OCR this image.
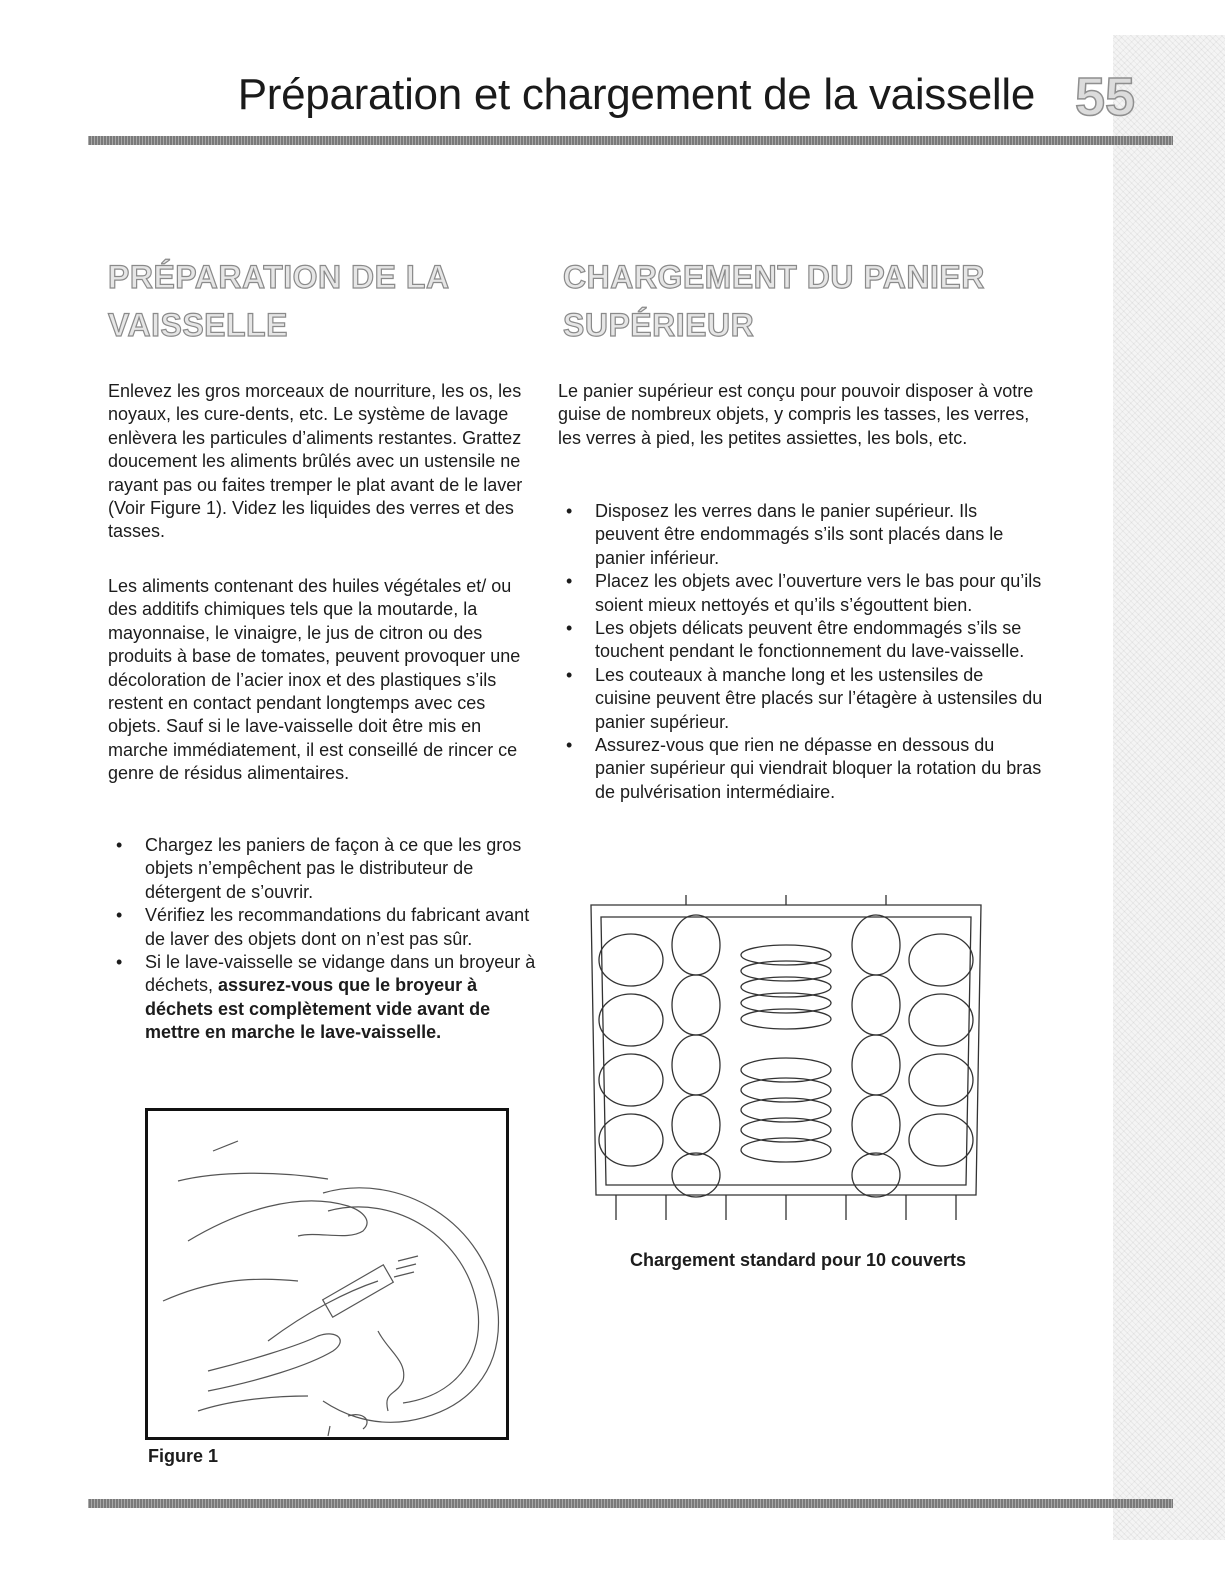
Préparation et chargement de la vaisselle 55
PRÉPARATION DE LA
VAISSELLE

Enlevez les gros morceaux de nourriture, les os, les noyaux, les cure-dents, etc. Le système de lavage enlèvera les particules d’aliments restantes. Grattez doucement les aliments brûlés avec un ustensile ne rayant pas ou faites tremper le plat avant de le laver (Voir Figure 1). Videz les liquides des verres et des tasses.

Les aliments contenant des huiles végétales et/ ou des additifs chimiques tels que la moutarde, la mayonnaise, le vinaigre, le jus de citron ou des produits à base de tomates, peuvent provoquer une décoloration de l’acier inox et des plastiques s’ils restent en contact pendant longtemps avec ces objets. Sauf si le lave-vaisselle doit être mis en marche immédiatement, il est conseillé de rincer ce genre de résidus alimentaires.

• Chargez les paniers de façon à ce que les gros objets n’empêchent pas le distributeur de détergent de s’ouvrir.
• Vérifiez les recommandations du fabricant avant de laver des objets dont on n’est pas sûr.
• Si le lave-vaisselle se vidange dans un broyeur à déchets, assurez-vous que le broyeur à déchets est complètement vide avant de mettre en marche le lave-vaisselle.

Figure 1

CHARGEMENT DU PANIER
SUPÉRIEUR

Le panier supérieur est conçu pour pouvoir disposer à votre guise de nombreux objets, y compris les tasses, les verres, les verres à pied, les petites assiettes, les bols, etc.

• Disposez les verres dans le panier supérieur. Ils peuvent être endommagés s’ils sont placés dans le panier inférieur.
• Placez les objets avec l’ouverture vers le bas pour qu’ils soient mieux nettoyés et qu’ils s’égouttent bien.
• Les objets délicats peuvent être endommagés s’ils se touchent pendant le fonctionnement du lave-vaisselle.
• Les couteaux à manche long et les ustensiles de cuisine peuvent être placés sur l’étagère à ustensiles du panier supérieur.
• Assurez-vous que rien ne dépasse en dessous du panier supérieur qui viendrait bloquer la rotation du bras de pulvérisation intermédiaire.

Chargement standard pour 10 couverts
